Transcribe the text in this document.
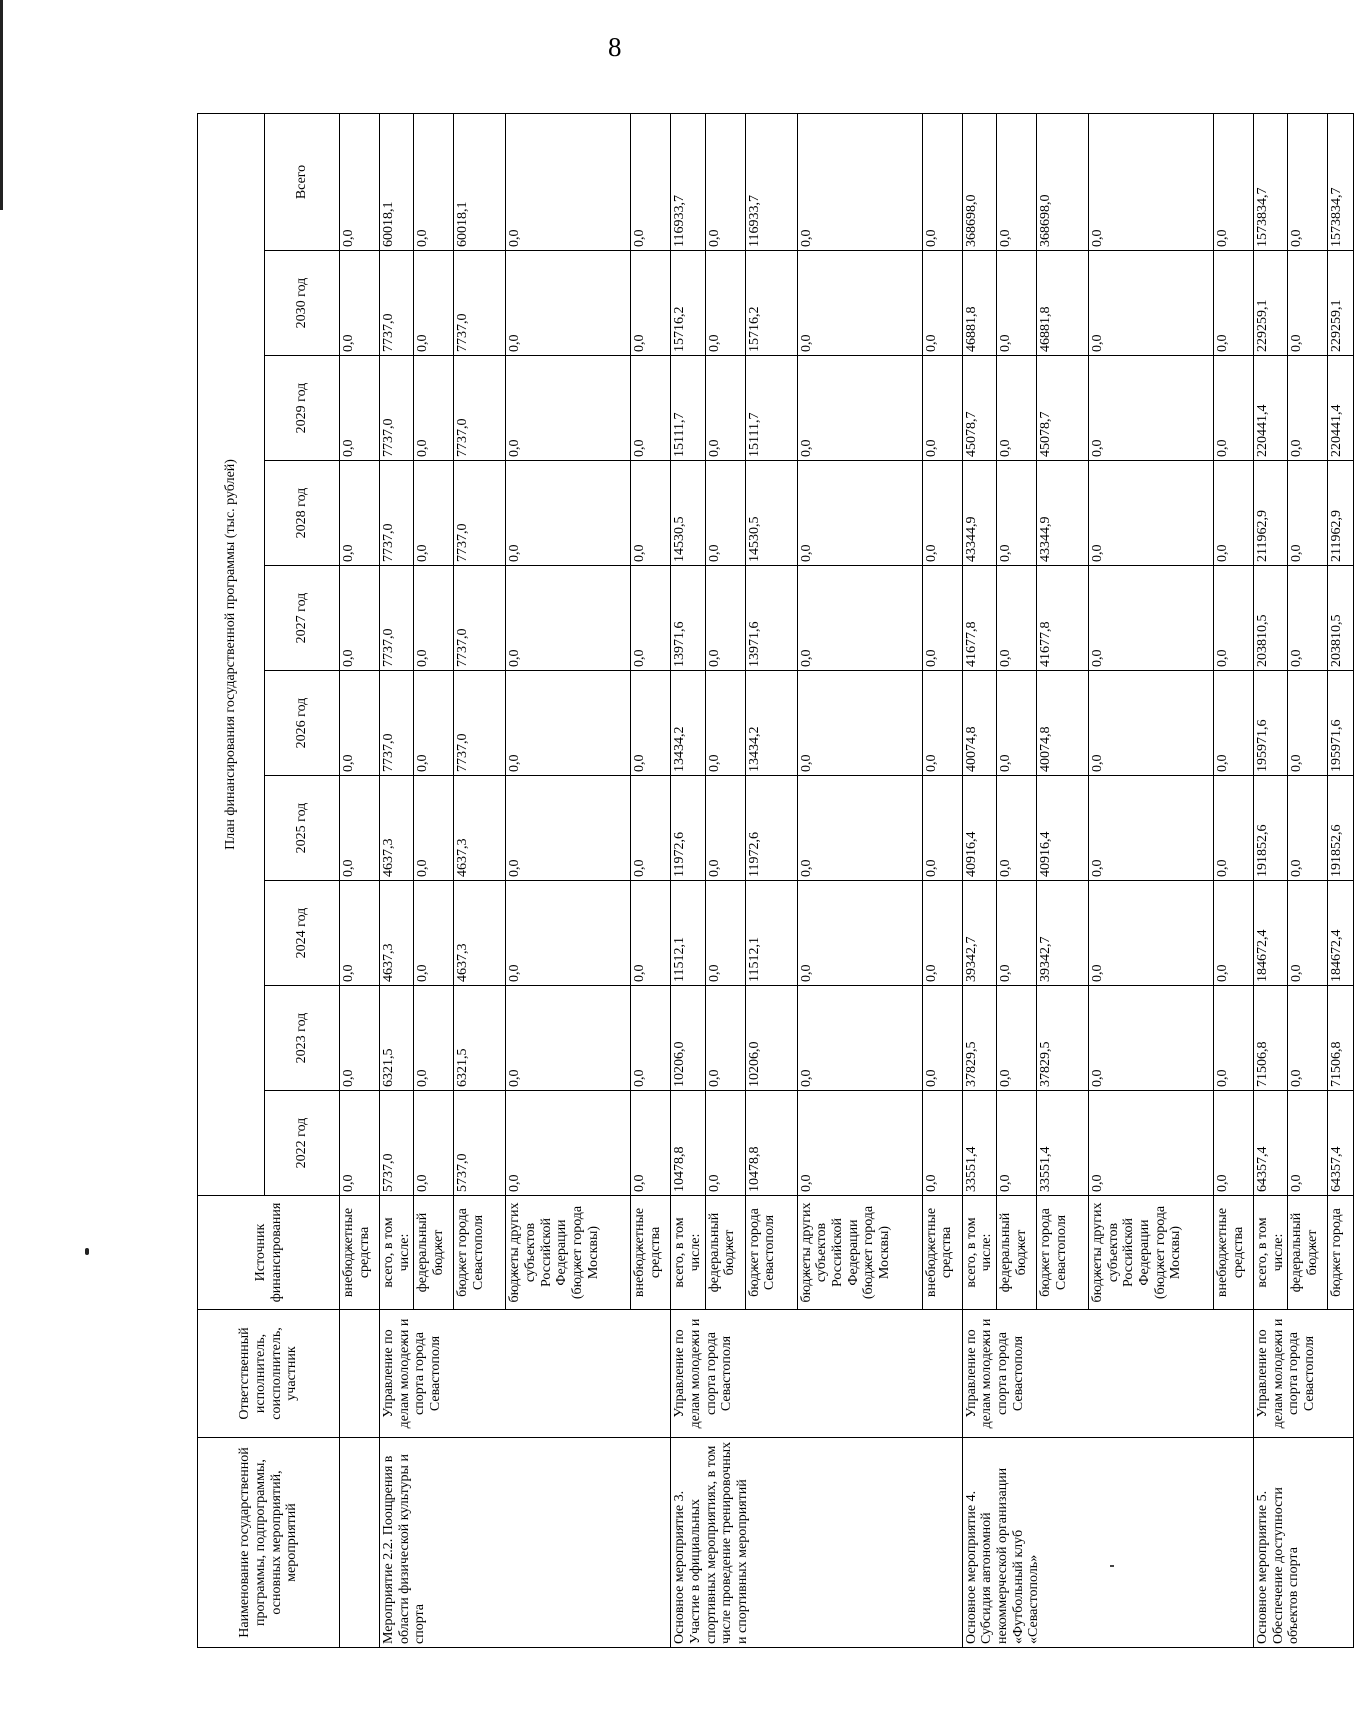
8
Наименование государственной программы, подпрограммы, основных мероприятий, мероприятий	Ответственный исполнитель, соисполнитель, участник	Источник финансирования	План финансирования государственной программы (тыс. рублей)									
			2022 год	2023 год	2024 год	2025 год	2026 год	2027 год	2028 год	2029 год	2030 год	Всего
		внебюджетные средства	0,0	0,0	0,0	0,0	0,0	0,0	0,0	0,0	0,0	0,0
Мероприятие 2.2. Поощрения в области физической культуры и спорта	Управление по делам молодежи и спорта города Севастополя	всего, в том числе:	5737,0	6321,5	4637,3	4637,3	7737,0	7737,0	7737,0	7737,0	7737,0	60018,1
		федеральный бюджет	0,0	0,0	0,0	0,0	0,0	0,0	0,0	0,0	0,0	0,0
		бюджет города Севастополя	5737,0	6321,5	4637,3	4637,3	7737,0	7737,0	7737,0	7737,0	7737,0	60018,1
		бюджеты других субъектов Российской Федерации (бюджет города Москвы)	0,0	0,0	0,0	0,0	0,0	0,0	0,0	0,0	0,0	0,0
		внебюджетные средства	0,0	0,0	0,0	0,0	0,0	0,0	0,0	0,0	0,0	0,0
Основное мероприятие 3. Участие в официальных спортивных мероприятиях, в том числе проведение тренировочных и спортивных мероприятий	Управление по делам молодежи и спорта города Севастополя	всего, в том числе:	10478,8	10206,0	11512,1	11972,6	13434,2	13971,6	14530,5	15111,7	15716,2	116933,7
		федеральный бюджет	0,0	0,0	0,0	0,0	0,0	0,0	0,0	0,0	0,0	0,0
		бюджет города Севастополя	10478,8	10206,0	11512,1	11972,6	13434,2	13971,6	14530,5	15111,7	15716,2	116933,7
		бюджеты других субъектов Российской Федерации (бюджет города Москвы)	0,0	0,0	0,0	0,0	0,0	0,0	0,0	0,0	0,0	0,0
		внебюджетные средства	0,0	0,0	0,0	0,0	0,0	0,0	0,0	0,0	0,0	0,0
Основное мероприятие 4. Субсидия автономной некоммерческой организации «Футбольный клуб «Севастополь»	Управление по делам молодежи и спорта города Севастополя	всего, в том числе:	33551,4	37829,5	39342,7	40916,4	40074,8	41677,8	43344,9	45078,7	46881,8	368698,0
		федеральный бюджет	0,0	0,0	0,0	0,0	0,0	0,0	0,0	0,0	0,0	0,0
		бюджет города Севастополя	33551,4	37829,5	39342,7	40916,4	40074,8	41677,8	43344,9	45078,7	46881,8	368698,0
		бюджеты других субъектов Российской Федерации (бюджет города Москвы)	0,0	0,0	0,0	0,0	0,0	0,0	0,0	0,0	0,0	0,0
		внебюджетные средства	0,0	0,0	0,0	0,0	0,0	0,0	0,0	0,0	0,0	0,0
Основное мероприятие 5. Обеспечение доступности объектов спорта	Управление по делам молодежи и спорта города Севастополя	всего, в том числе:	64357,4	71506,8	184672,4	191852,6	195971,6	203810,5	211962,9	220441,4	229259,1	1573834,7
		федеральный бюджет	0,0	0,0	0,0	0,0	0,0	0,0	0,0	0,0	0,0	0,0
		бюджет города	64357,4	71506,8	184672,4	191852,6	195971,6	203810,5	211962,9	220441,4	229259,1	1573834,7
